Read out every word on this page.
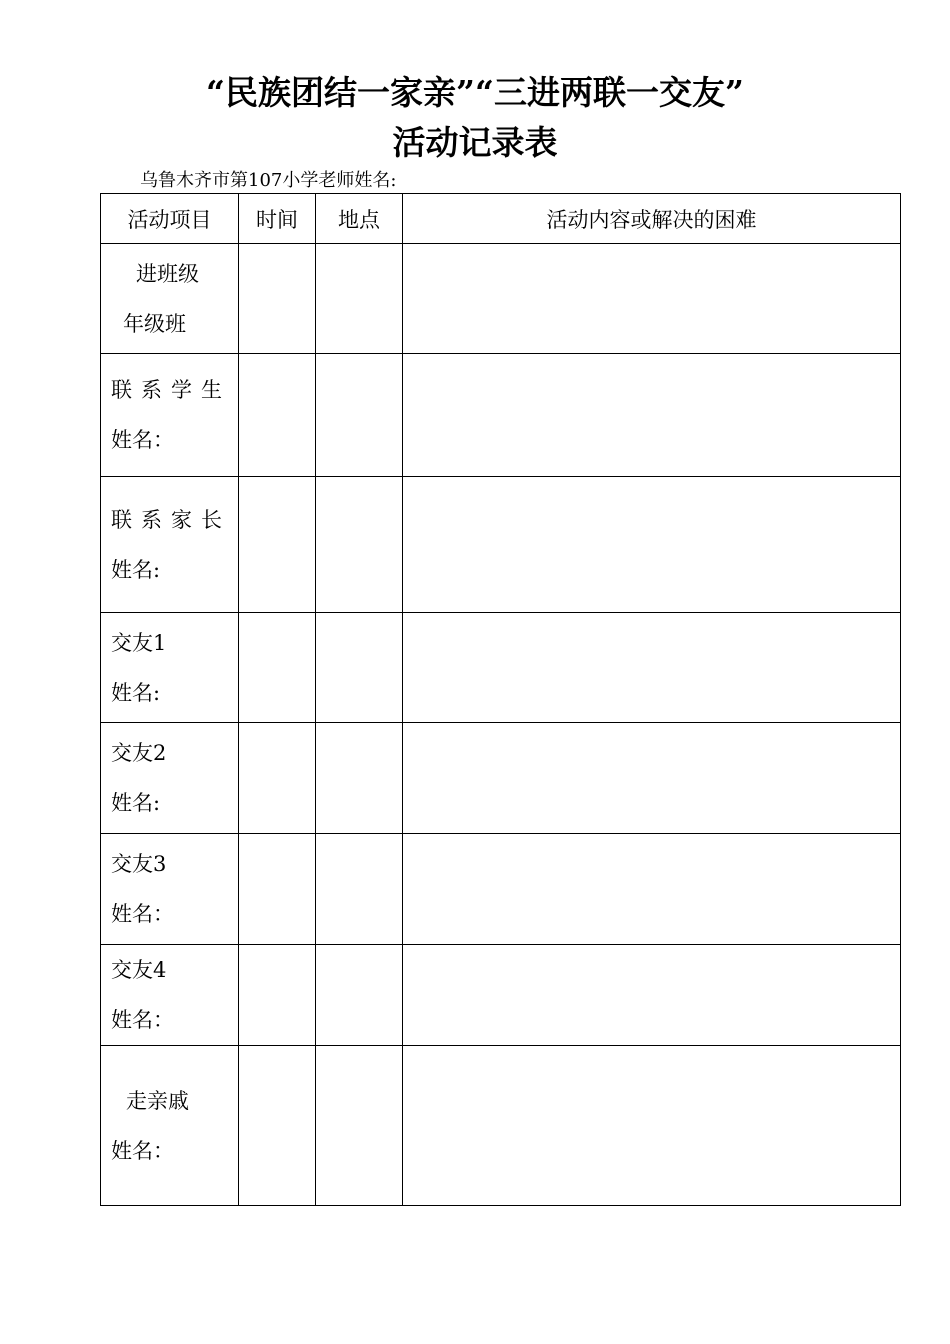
“民族团结一家亲”“三进两联一交友”
活动记录表
乌鲁木齐市第107小学老师姓名:
活动项目	时间	地点	活动内容或解决的困难

进班级
年级班			

联系学生
姓名：			

联系家长
姓名:			

交友1
姓名:			

交友2
姓名:			

交友3
姓名：			

交友4
姓名：			

走亲戚
姓名：			
